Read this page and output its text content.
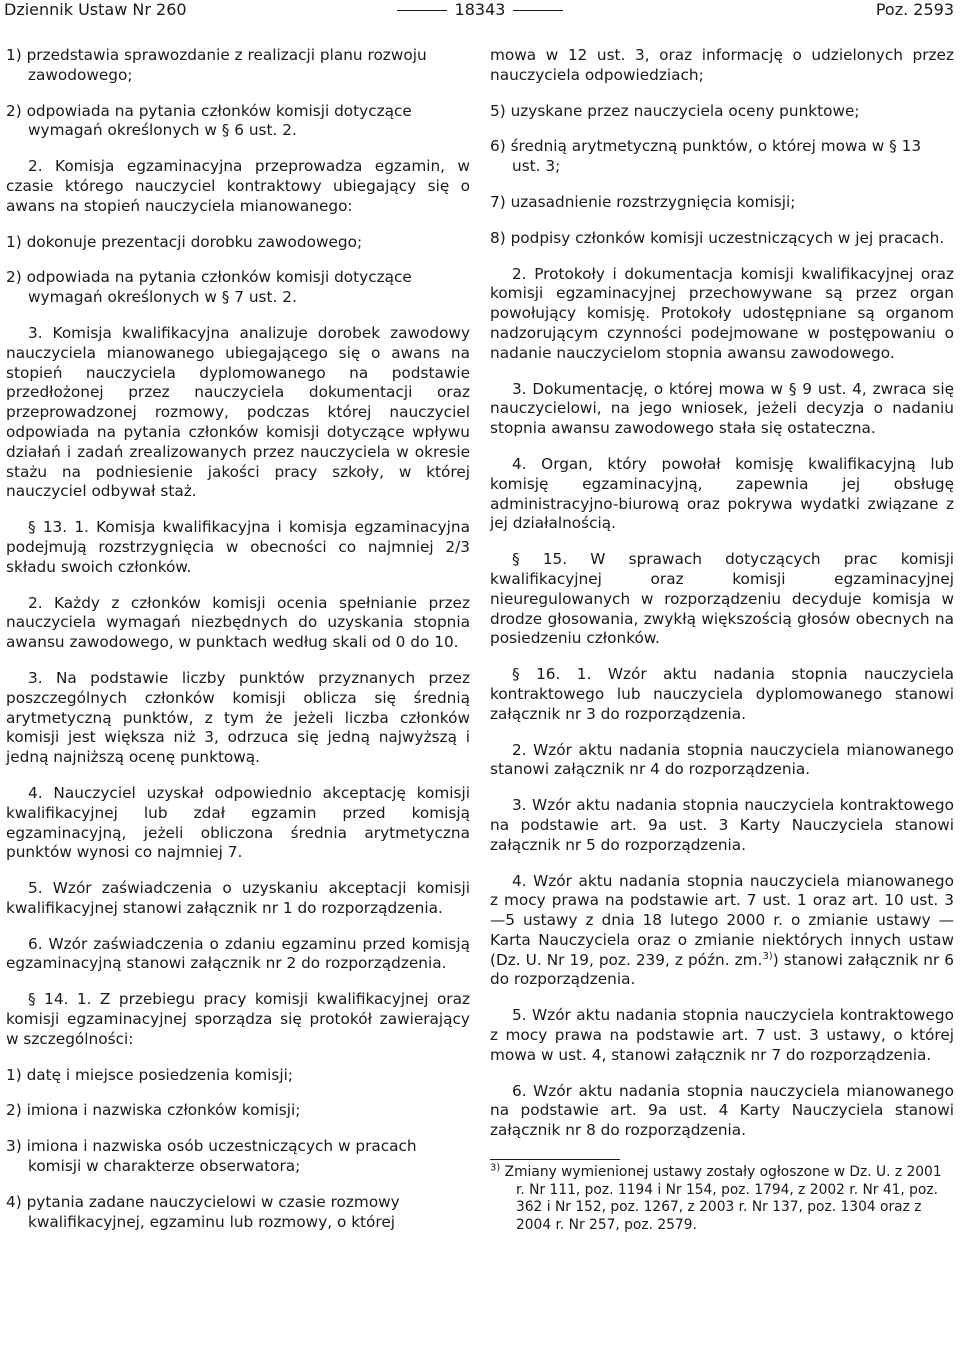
Dziennik Ustaw Nr 260	18343	Poz. 2593

1) przedstawia sprawozdanie z realizacji planu rozwoju zawodowego;

2) odpowiada na pytania członków komisji dotyczące wymagań określonych w § 6 ust. 2.

2. Komisja egzaminacyjna przeprowadza egzamin, w czasie którego nauczyciel kontraktowy ubiegający się o awans na stopień nauczyciela mianowanego:

1) dokonuje prezentacji dorobku zawodowego;

2) odpowiada na pytania członków komisji dotyczące wymagań określonych w § 7 ust. 2.

3. Komisja kwalifikacyjna analizuje dorobek zawodowy nauczyciela mianowanego ubiegającego się o awans na stopień nauczyciela dyplomowanego na podstawie przedłożonej przez nauczyciela dokumentacji oraz przeprowadzonej rozmowy, podczas której nauczyciel odpowiada na pytania członków komisji dotyczące wpływu działań i zadań zrealizowanych przez nauczyciela w okresie stażu na podniesienie jakości pracy szkoły, w której nauczyciel odbywał staż.

§ 13. 1. Komisja kwalifikacyjna i komisja egzaminacyjna podejmują rozstrzygnięcia w obecności co najmniej 2/3 składu swoich członków.

2. Każdy z członków komisji ocenia spełnianie przez nauczyciela wymagań niezbędnych do uzyskania stopnia awansu zawodowego, w punktach według skali od 0 do 10.

3. Na podstawie liczby punktów przyznanych przez poszczególnych członków komisji oblicza się średnią arytmetyczną punktów, z tym że jeżeli liczba członków komisji jest większa niż 3, odrzuca się jedną najwyższą i jedną najniższą ocenę punktową.

4. Nauczyciel uzyskał odpowiednio akceptację komisji kwalifikacyjnej lub zdał egzamin przed komisją egzaminacyjną, jeżeli obliczona średnia arytmetyczna punktów wynosi co najmniej 7.

5. Wzór zaświadczenia o uzyskaniu akceptacji komisji kwalifikacyjnej stanowi załącznik nr 1 do rozporządzenia.

6. Wzór zaświadczenia o zdaniu egzaminu przed komisją egzaminacyjną stanowi załącznik nr 2 do rozporządzenia.

§ 14. 1. Z przebiegu pracy komisji kwalifikacyjnej oraz komisji egzaminacyjnej sporządza się protokół zawierający w szczególności:

1) datę i miejsce posiedzenia komisji;

2) imiona i nazwiska członków komisji;

3) imiona i nazwiska osób uczestniczących w pracach komisji w charakterze obserwatora;

4) pytania zadane nauczycielowi w czasie rozmowy kwalifikacyjnej, egzaminu lub rozmowy, o której

mowa w 12 ust. 3, oraz informację o udzielonych przez nauczyciela odpowiedziach;

5) uzyskane przez nauczyciela oceny punktowe;

6) średnią arytmetyczną punktów, o której mowa w § 13 ust. 3;

7) uzasadnienie rozstrzygnięcia komisji;

8) podpisy członków komisji uczestniczących w jej pracach.

2. Protokoły i dokumentacja komisji kwalifikacyjnej oraz komisji egzaminacyjnej przechowywane są przez organ powołujący komisję. Protokoły udostępniane są organom nadzorującym czynności podejmowane w postępowaniu o nadanie nauczycielom stopnia awansu zawodowego.

3. Dokumentację, o której mowa w § 9 ust. 4, zwraca się nauczycielowi, na jego wniosek, jeżeli decyzja o nadaniu stopnia awansu zawodowego stała się ostateczna.

4. Organ, który powołał komisję kwalifikacyjną lub komisję egzaminacyjną, zapewnia jej obsługę administracyjno-biurową oraz pokrywa wydatki związane z jej działalnością.

§ 15. W sprawach dotyczących prac komisji kwalifikacyjnej oraz komisji egzaminacyjnej nieuregulowanych w rozporządzeniu decyduje komisja w drodze głosowania, zwykłą większością głosów obecnych na posiedzeniu członków.

§ 16. 1. Wzór aktu nadania stopnia nauczyciela kontraktowego lub nauczyciela dyplomowanego stanowi załącznik nr 3 do rozporządzenia.

2. Wzór aktu nadania stopnia nauczyciela mianowanego stanowi załącznik nr 4 do rozporządzenia.

3. Wzór aktu nadania stopnia nauczyciela kontraktowego na podstawie art. 9a ust. 3 Karty Nauczyciela stanowi załącznik nr 5 do rozporządzenia.

4. Wzór aktu nadania stopnia nauczyciela mianowanego z mocy prawa na podstawie art. 7 ust. 1 oraz art. 10 ust. 3—5 ustawy z dnia 18 lutego 2000 r. o zmianie ustawy — Karta Nauczyciela oraz o zmianie niektórych innych ustaw (Dz. U. Nr 19, poz. 239, z późn. zm.$^{3)}$) stanowi załącznik nr 6 do rozporządzenia.

5. Wzór aktu nadania stopnia nauczyciela kontraktowego z mocy prawa na podstawie art. 7 ust. 3 ustawy, o której mowa w ust. 4, stanowi załącznik nr 7 do rozporządzenia.

6. Wzór aktu nadania stopnia nauczyciela mianowanego na podstawie art. 9a ust. 4 Karty Nauczyciela stanowi załącznik nr 8 do rozporządzenia.

$^{3)}$ Zmiany wymienionej ustawy zostały ogłoszone w Dz. U. z 2001 r. Nr 111, poz. 1194 i Nr 154, poz. 1794, z 2002 r. Nr 41, poz. 362 i Nr 152, poz. 1267, z 2003 r. Nr 137, poz. 1304 oraz z 2004 r. Nr 257, poz. 2579.
